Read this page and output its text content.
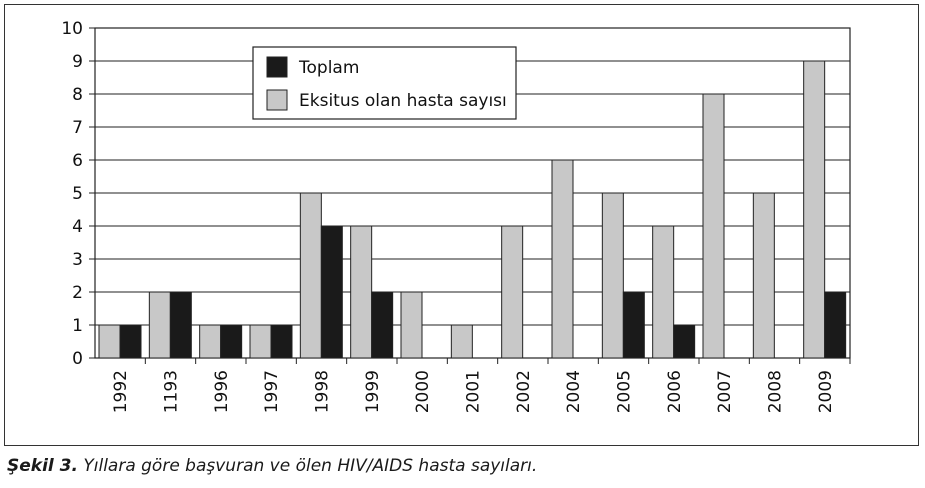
0
1
2
3
4
5
6
7
8
9
10
1992 1193 1996 1997 1998 1999 2000 2001 2002 2004 2005 2006 2007 2008 2009
Toplam
Eksitus olan hasta sayısı
Şekil 3. Yıllara göre başvuran ve ölen HIV/AIDS hasta sayıları.
